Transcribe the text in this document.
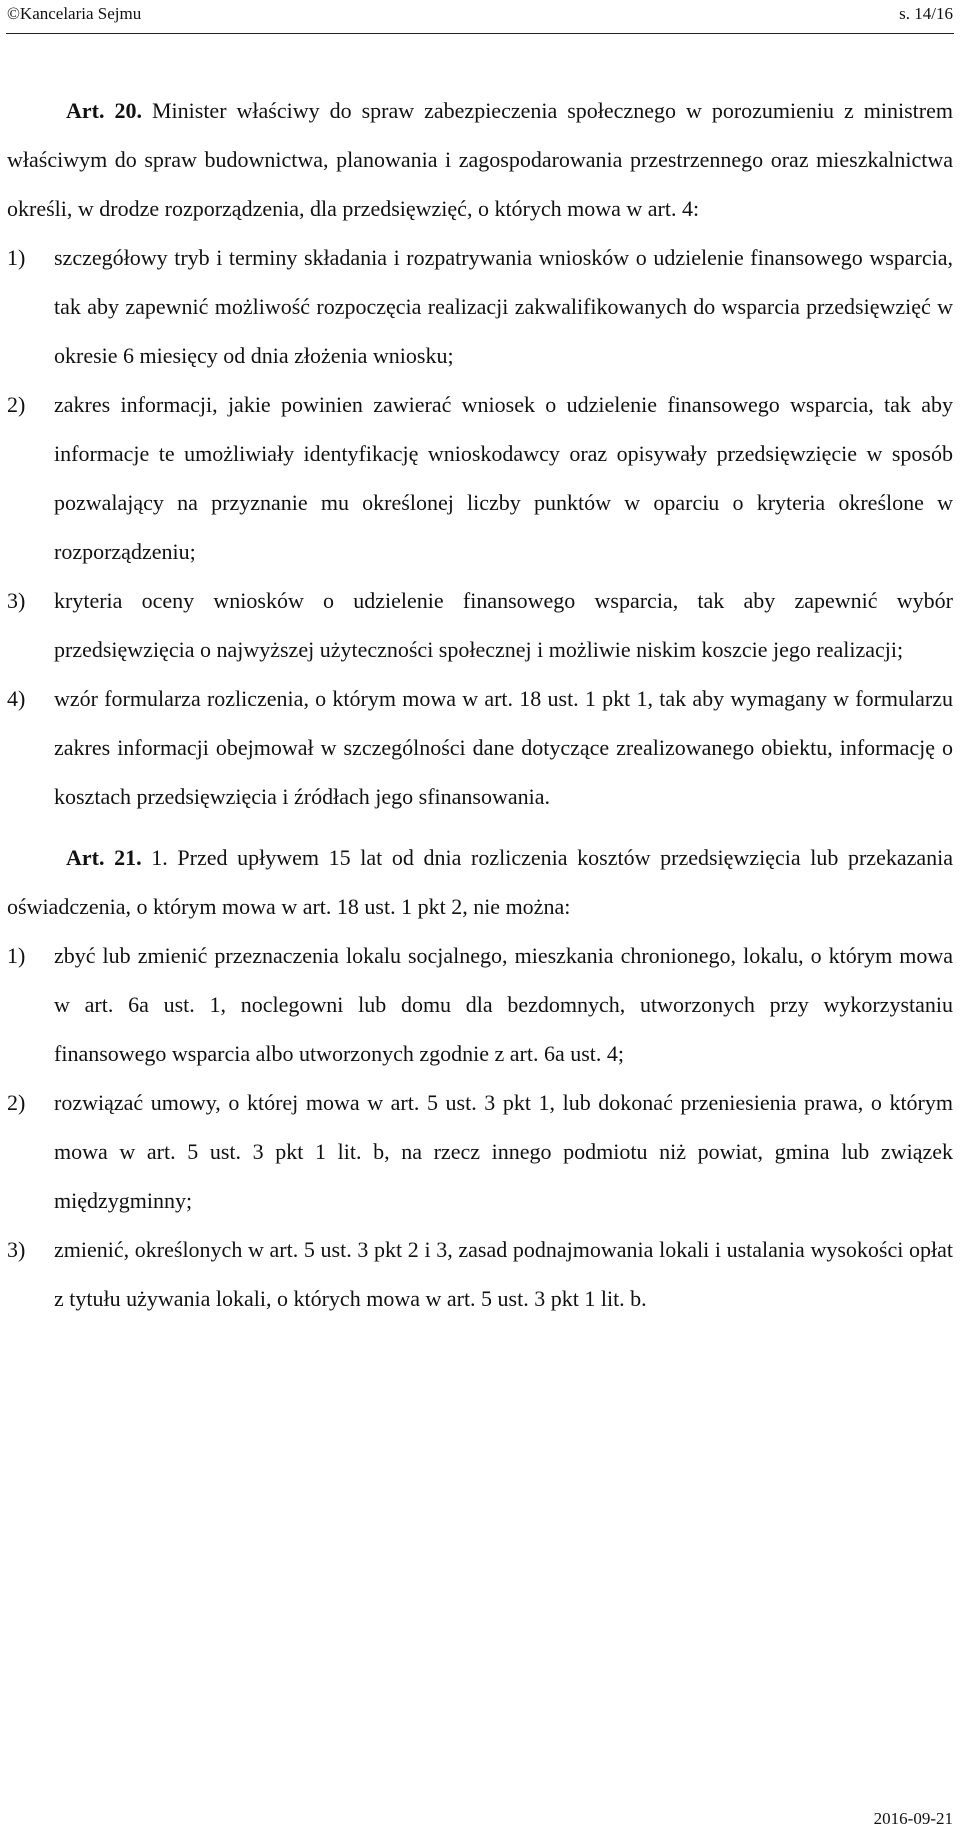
©Kancelaria Sejmu	s. 14/16

Art. 20. Minister właściwy do spraw zabezpieczenia społecznego w porozumieniu z ministrem właściwym do spraw budownictwa, planowania i zagospodarowania przestrzennego oraz mieszkalnictwa określi, w drodze rozporządzenia, dla przedsięwzięć, o których mowa w art. 4:

1) szczegółowy tryb i terminy składania i rozpatrywania wniosków o udzielenie finansowego wsparcia, tak aby zapewnić możliwość rozpoczęcia realizacji zakwalifikowanych do wsparcia przedsięwzięć w okresie 6 miesięcy od dnia złożenia wniosku;
2) zakres informacji, jakie powinien zawierać wniosek o udzielenie finansowego wsparcia, tak aby informacje te umożliwiały identyfikację wnioskodawcy oraz opisywały przedsięwzięcie w sposób pozwalający na przyznanie mu określonej liczby punktów w oparciu o kryteria określone w rozporządzeniu;
3) kryteria oceny wniosków o udzielenie finansowego wsparcia, tak aby zapewnić wybór przedsięwzięcia o najwyższej użyteczności społecznej i możliwie niskim koszcie jego realizacji;
4) wzór formularza rozliczenia, o którym mowa w art. 18 ust. 1 pkt 1, tak aby wymagany w formularzu zakres informacji obejmował w szczególności dane dotyczące zrealizowanego obiektu, informację o kosztach przedsięwzięcia i źródłach jego sfinansowania.

Art. 21. 1. Przed upływem 15 lat od dnia rozliczenia kosztów przedsięwzięcia lub przekazania oświadczenia, o którym mowa w art. 18 ust. 1 pkt 2, nie można:

1) zbyć lub zmienić przeznaczenia lokalu socjalnego, mieszkania chronionego, lokalu, o którym mowa w art. 6a ust. 1, noclegowni lub domu dla bezdomnych, utworzonych przy wykorzystaniu finansowego wsparcia albo utworzonych zgodnie z art. 6a ust. 4;
2) rozwiązać umowy, o której mowa w art. 5 ust. 3 pkt 1, lub dokonać przeniesienia prawa, o którym mowa w art. 5 ust. 3 pkt 1 lit. b, na rzecz innego podmiotu niż powiat, gmina lub związek międzygminny;
3) zmienić, określonych w art. 5 ust. 3 pkt 2 i 3, zasad podnajmowania lokali i ustalania wysokości opłat z tytułu używania lokali, o których mowa w art. 5 ust. 3 pkt 1 lit. b.
2016-09-21
